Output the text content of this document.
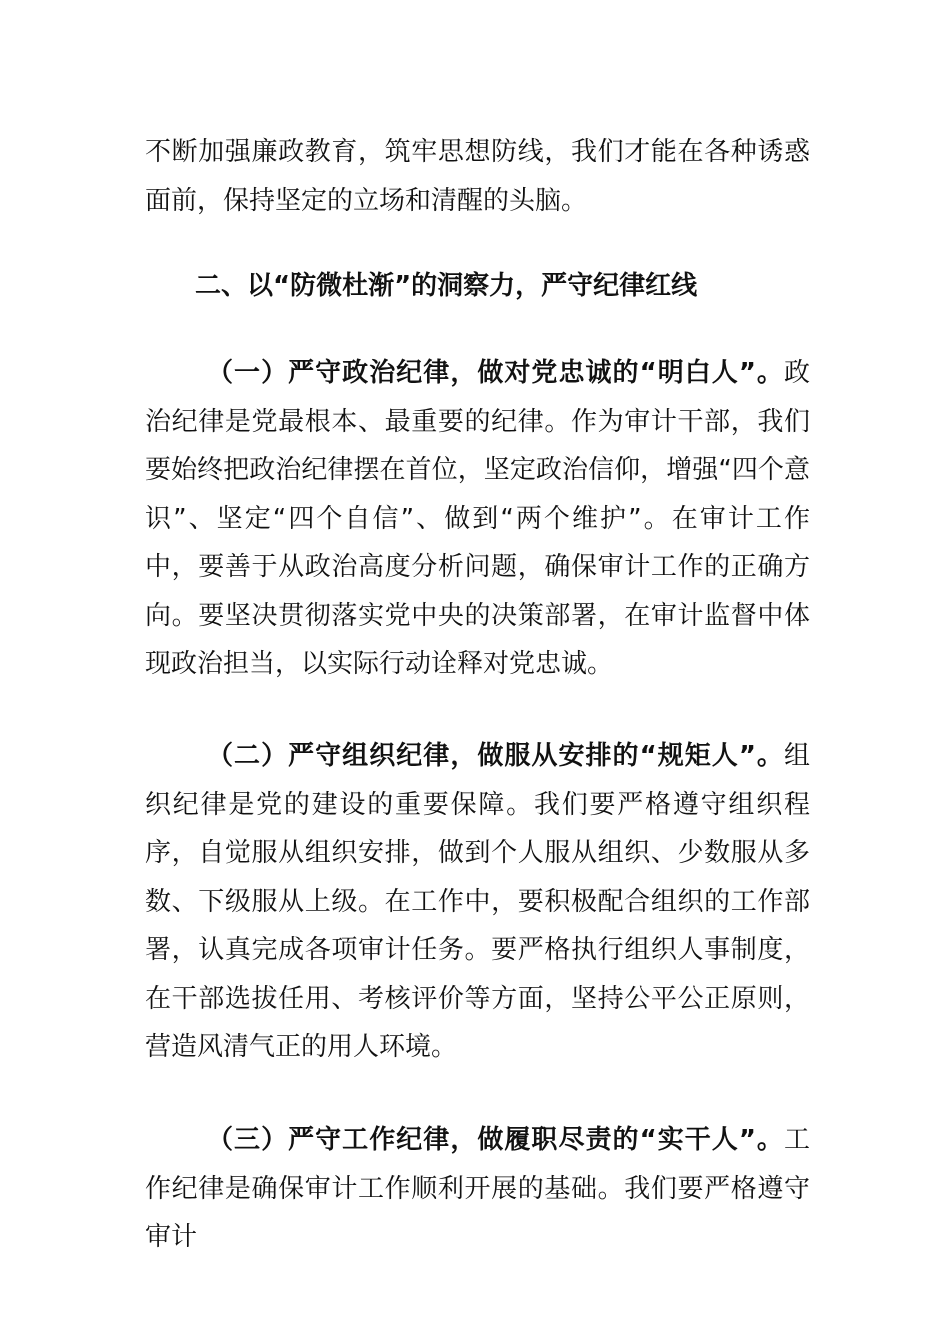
不断加强廉政教育，筑牢思想防线，我们才能在各种诱惑面前，保持坚定的立场和清醒的头脑。

二、以“防微杜渐”的洞察力，严守纪律红线

（一）严守政治纪律，做对党忠诚的“明白人”。政治纪律是党最根本、最重要的纪律。作为审计干部，我们要始终把政治纪律摆在首位，坚定政治信仰，增强“四个意识”、坚定“四个自信”、做到“两个维护”。在审计工作中，要善于从政治高度分析问题，确保审计工作的正确方向。要坚决贯彻落实党中央的决策部署，在审计监督中体现政治担当，以实际行动诠释对党忠诚。

（二）严守组织纪律，做服从安排的“规矩人”。组织纪律是党的建设的重要保障。我们要严格遵守组织程序，自觉服从组织安排，做到个人服从组织、少数服从多数、下级服从上级。在工作中，要积极配合组织的工作部署，认真完成各项审计任务。要严格执行组织人事制度，在干部选拔任用、考核评价等方面，坚持公平公正原则，营造风清气正的用人环境。

（三）严守工作纪律，做履职尽责的“实干人”。工作纪律是确保审计工作顺利开展的基础。我们要严格遵守审计
